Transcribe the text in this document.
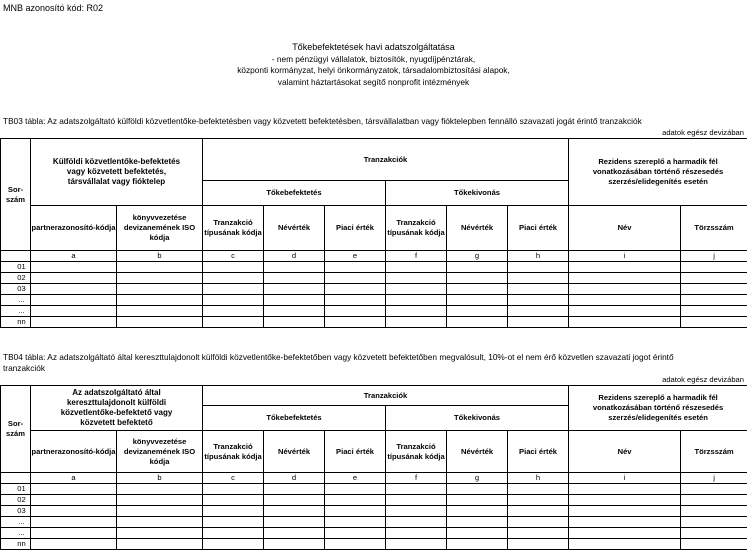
MNB azonosító kód: R02
Tőkebefektetések havi adatszolgáltatása
- nem pénzügyi vállalatok, biztosítók, nyugdíjpénztárak,
központi kormányzat, helyi önkormányzatok, társadalombiztosítási alapok,
valamint háztartásokat segítő nonprofit intézmények
TB03 tábla: Az adatszolgáltató külföldi közvetlentőke-befektetésben vagy közvetett befektetésben, társvállalatban vagy fióktelepben fennálló szavazati jogát érintő tranzakciók
adatok egész devizában
Sor-szám	Külföldi közvetlentőke-befektetés vagy közvetett befektetés, társvállalat vagy fióktelep		Tranzakciók						Rezidens szereplő a harmadik fél vonatkozásában történő részesedés szerzés/elidegenítés esetén	
			Tőkebefektetés			Tőkekivonás				
	partnerazonosító-kódja	könyvvezetése devizanemének ISO kódja	Tranzakció típusának kódja	Névérték	Piaci érték	Tranzakció típusának kódja	Névérték	Piaci érték	Név	Törzsszám
	a	b	c	d	e	f	g	h	i	j
01										
02										
03										
...										
...										
nn										
TB04 tábla: Az adatszolgáltató által kereszttulajdonolt külföldi közvetlentőke-befektetőben vagy közvetett befektetőben megvalósult, 10%-ot el nem érő közvetlen szavazati jogot érintő
tranzakciók
adatok egész devizában
Sor-szám	Az adatszolgáltató által kereszttulajdonolt külföldi közvetlentőke-befektető vagy közvetett befektető		Tranzakciók						Rezidens szereplő a harmadik fél vonatkozásában történő részesedés szerzés/elidegenítés esetén	
			Tőkebefektetés			Tőkekivonás				
	partnerazonosító-kódja	könyvvezetése devizanemének ISO kódja	Tranzakció típusának kódja	Névérték	Piaci érték	Tranzakció típusának kódja	Névérték	Piaci érték	Név	Törzsszám
	a	b	c	d	e	f	g	h	i	j
01										
02										
03										
...										
...										
nn										
